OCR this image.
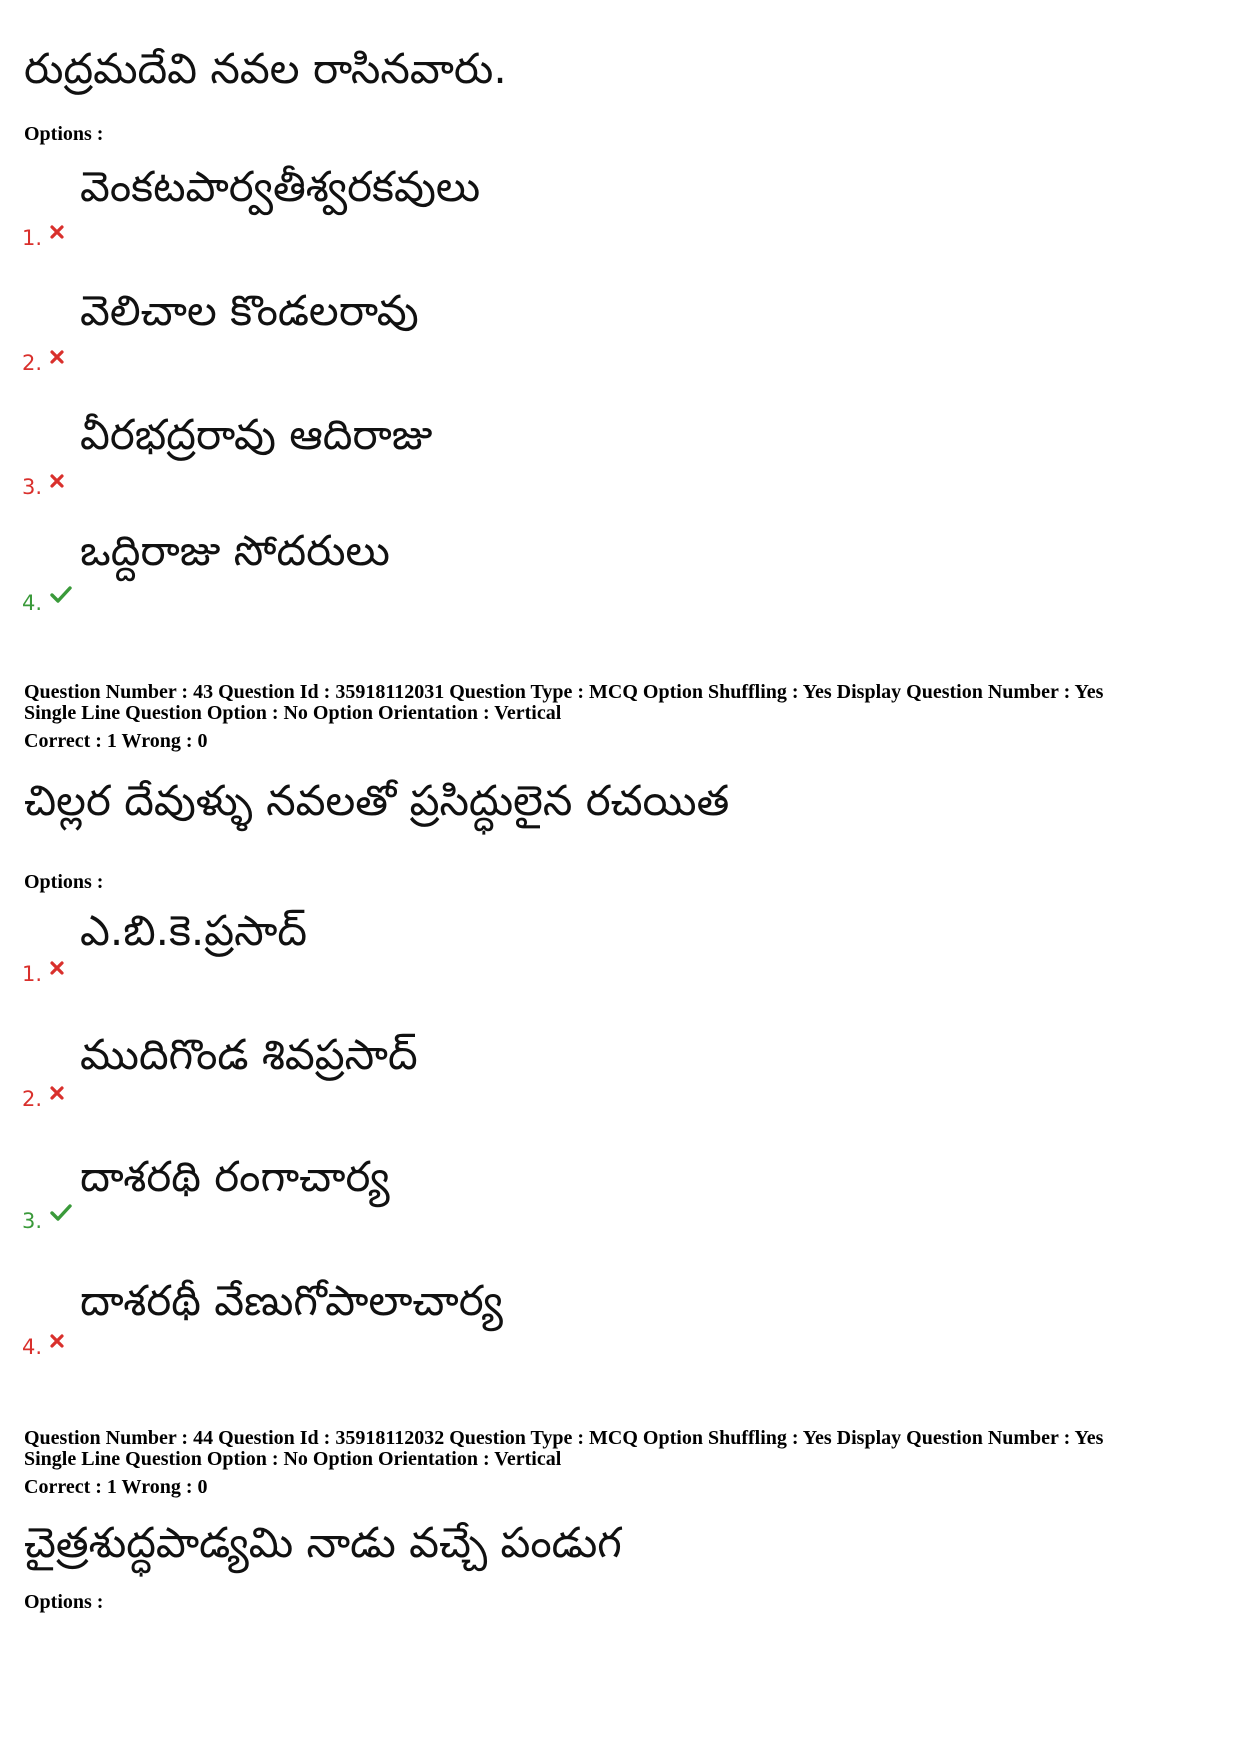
రుద్రమదేవి నవల రాసినవారు.
Options :
వెంకటపార్వతీశ్వరకవులు
1.
వెలిచాల కొండలరావు
2.
వీరభద్రరావు ఆదిరాజు
3.
ఒద్దిరాజు సోదరులు
4.
Question Number : 43 Question Id : 35918112031 Question Type : MCQ Option Shuffling : Yes Display Question Number : Yes
Single Line Question Option : No Option Orientation : Vertical
Correct : 1 Wrong : 0
చిల్లర దేవుళ్ళు నవలతో ప్రసిద్ధులైన రచయిత
Options :
ఎ.బి.కె.ప్రసాద్
1.
ముదిగొండ శివప్రసాద్
2.
దాశరథి రంగాచార్య
3.
దాశరథీ వేణుగోపాలాచార్య
4.
Question Number : 44 Question Id : 35918112032 Question Type : MCQ Option Shuffling : Yes Display Question Number : Yes
Single Line Question Option : No Option Orientation : Vertical
Correct : 1 Wrong : 0
చైత్రశుద్ధపాడ్యమి నాడు వచ్చే పండుగ
Options :
